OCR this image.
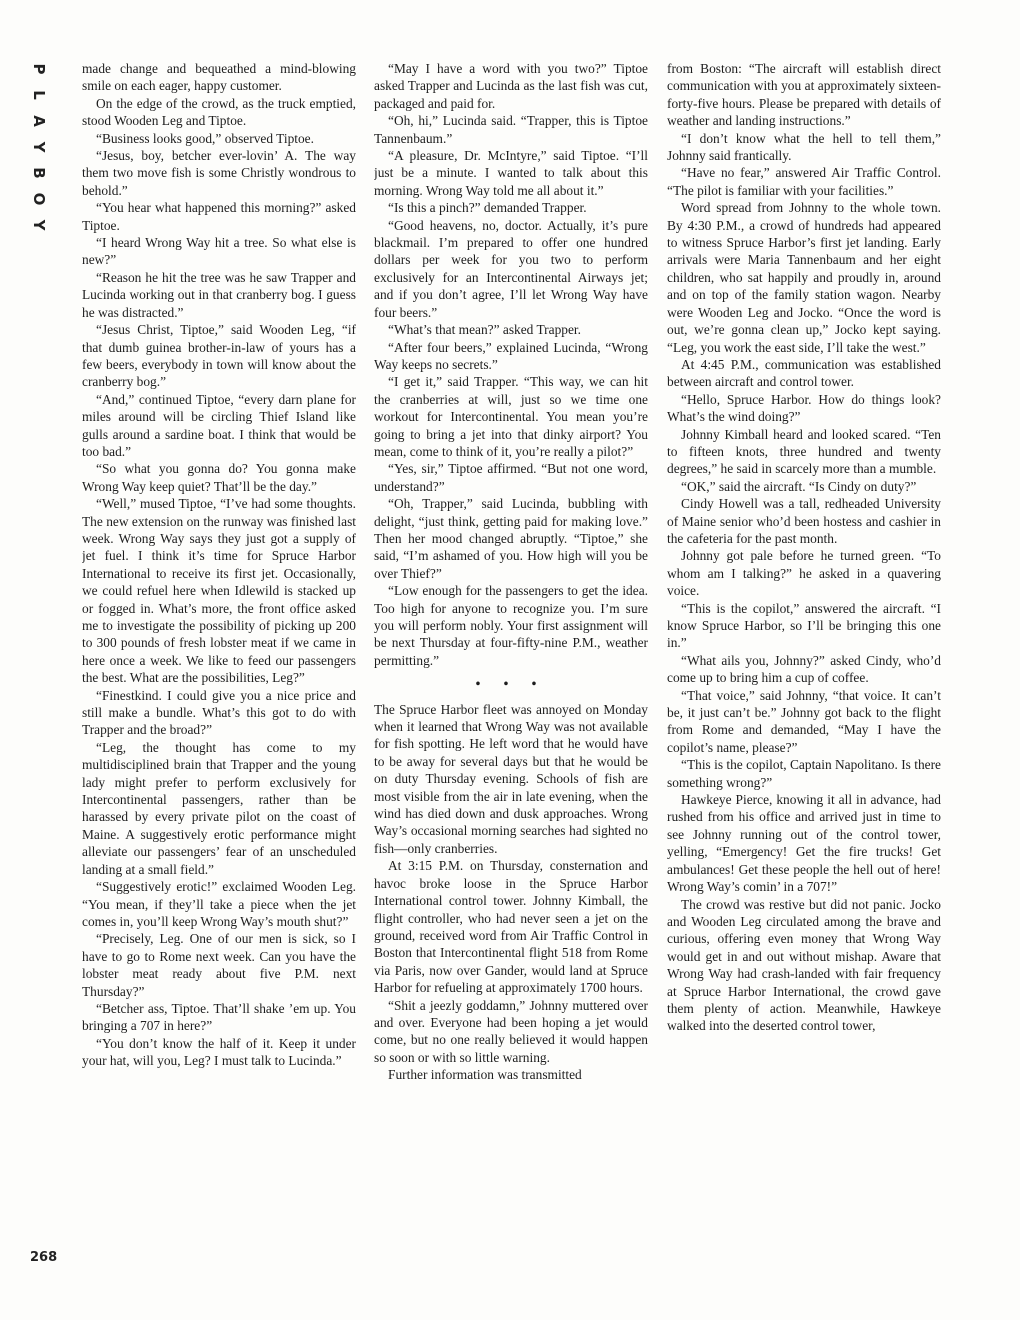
P
L
A
Y
B
O
Y

made change and bequeathed a mind-blowing smile on each eager, happy customer.

On the edge of the crowd, as the truck emptied, stood Wooden Leg and Tiptoe.

“Business looks good,” observed Tiptoe.

“Jesus, boy, betcher ever-lovin’ A. The way them two move fish is some Christly wondrous to behold.”

“You hear what happened this morning?” asked Tiptoe.

“I heard Wrong Way hit a tree. So what else is new?”

“Reason he hit the tree was he saw Trapper and Lucinda working out in that cranberry bog. I guess he was distracted.”

“Jesus Christ, Tiptoe,” said Wooden Leg, “if that dumb guinea brother-in-law of yours has a few beers, everybody in town will know about the cranberry bog.”

“And,” continued Tiptoe, “every darn plane for miles around will be circling Thief Island like gulls around a sardine boat. I think that would be too bad.”

“So what you gonna do? You gonna make Wrong Way keep quiet? That’ll be the day.”

“Well,” mused Tiptoe, “I’ve had some thoughts. The new extension on the runway was finished last week. Wrong Way says they just got a supply of jet fuel. I think it’s time for Spruce Harbor International to receive its first jet. Occasionally, we could refuel here when Idlewild is stacked up or fogged in. What’s more, the front office asked me to investigate the possibility of picking up 200 to 300 pounds of fresh lobster meat if we came in here once a week. We like to feed our passengers the best. What are the possibilities, Leg?”

“Finestkind. I could give you a nice price and still make a bundle. What’s this got to do with Trapper and the broad?”

“Leg, the thought has come to my multidisciplined brain that Trapper and the young lady might prefer to perform exclusively for Intercontinental passengers, rather than be harassed by every private pilot on the coast of Maine. A suggestively erotic performance might alleviate our passengers’ fear of an unscheduled landing at a small field.”

“Suggestively erotic!” exclaimed Wooden Leg. “You mean, if they’ll take a piece when the jet comes in, you’ll keep Wrong Way’s mouth shut?”

“Precisely, Leg. One of our men is sick, so I have to go to Rome next week. Can you have the lobster meat ready about five P.M. next Thursday?”

“Betcher ass, Tiptoe. That’ll shake ’em up. You bringing a 707 in here?”

“You don’t know the half of it. Keep it under your hat, will you, Leg? I must talk to Lucinda.”

“May I have a word with you two?” Tiptoe asked Trapper and Lucinda as the last fish was cut, packaged and paid for.

“Oh, hi,” Lucinda said. “Trapper, this is Tiptoe Tannenbaum.”

“A pleasure, Dr. McIntyre,” said Tiptoe. “I’ll just be a minute. I wanted to talk about this morning. Wrong Way told me all about it.”

“Is this a pinch?” demanded Trapper.

“Good heavens, no, doctor. Actually, it’s pure blackmail. I’m prepared to offer one hundred dollars per week for you two to perform exclusively for an Intercontinental Airways jet; and if you don’t agree, I’ll let Wrong Way have four beers.”

“What’s that mean?” asked Trapper.

“After four beers,” explained Lucinda, “Wrong Way keeps no secrets.”

“I get it,” said Trapper. “This way, we can hit the cranberries at will, just so we time one workout for Intercontinental. You mean you’re going to bring a jet into that dinky airport? You mean, come to think of it, you’re really a pilot?”

“Yes, sir,” Tiptoe affirmed. “But not one word, understand?”

“Oh, Trapper,” said Lucinda, bubbling with delight, “just think, getting paid for making love.” Then her mood changed abruptly. “Tiptoe,” she said, “I’m ashamed of you. How high will you be over Thief?”

“Low enough for the passengers to get the idea. Too high for anyone to recognize you. I’m sure you will perform nobly. Your first assignment will be next Thursday at four-fifty-nine P.M., weather permitting.”

• • •

The Spruce Harbor fleet was annoyed on Monday when it learned that Wrong Way was not available for fish spotting. He left word that he would have to be away for several days but that he would be on duty Thursday evening. Schools of fish are most visible from the air in late evening, when the wind has died down and dusk approaches. Wrong Way’s occasional morning searches had sighted no fish—only cranberries.

At 3:15 P.M. on Thursday, consternation and havoc broke loose in the Spruce Harbor International control tower. Johnny Kimball, the flight controller, who had never seen a jet on the ground, received word from Air Traffic Control in Boston that Intercontinental flight 518 from Rome via Paris, now over Gander, would land at Spruce Harbor for refueling at approximately 1700 hours.

“Shit a jeezly goddamn,” Johnny muttered over and over. Everyone had been hoping a jet would come, but no one really believed it would happen so soon or with so little warning.

Further information was transmitted

from Boston: “The aircraft will establish direct communication with you at approximately sixteen-forty-five hours. Please be prepared with details of weather and landing instructions.”

“I don’t know what the hell to tell them,” Johnny said frantically.

“Have no fear,” answered Air Traffic Control. “The pilot is familiar with your facilities.”

Word spread from Johnny to the whole town. By 4:30 P.M., a crowd of hundreds had appeared to witness Spruce Harbor’s first jet landing. Early arrivals were Maria Tannenbaum and her eight children, who sat happily and proudly in, around and on top of the family station wagon. Nearby were Wooden Leg and Jocko. “Once the word is out, we’re gonna clean up,” Jocko kept saying. “Leg, you work the east side, I’ll take the west.”

At 4:45 P.M., communication was established between aircraft and control tower.

“Hello, Spruce Harbor. How do things look? What’s the wind doing?”

Johnny Kimball heard and looked scared. “Ten to fifteen knots, three hundred and twenty degrees,” he said in scarcely more than a mumble.

“OK,” said the aircraft. “Is Cindy on duty?”

Cindy Howell was a tall, redheaded University of Maine senior who’d been hostess and cashier in the cafeteria for the past month.

Johnny got pale before he turned green. “To whom am I talking?” he asked in a quavering voice.

“This is the copilot,” answered the aircraft. “I know Spruce Harbor, so I’ll be bringing this one in.”

“What ails you, Johnny?” asked Cindy, who’d come up to bring him a cup of coffee.

“That voice,” said Johnny, “that voice. It can’t be, it just can’t be.” Johnny got back to the flight from Rome and demanded, “May I have the copilot’s name, please?”

“This is the copilot, Captain Napolitano. Is there something wrong?”

Hawkeye Pierce, knowing it all in advance, had rushed from his office and arrived just in time to see Johnny running out of the control tower, yelling, “Emergency! Get the fire trucks! Get ambulances! Get these people the hell out of here! Wrong Way’s comin’ in a 707!”

The crowd was restive but did not panic. Jocko and Wooden Leg circulated among the brave and curious, offering even money that Wrong Way would get in and out without mishap. Aware that Wrong Way had crash-landed with fair frequency at Spruce Harbor International, the crowd gave them plenty of action. Meanwhile, Hawkeye walked into the deserted control tower,

268
